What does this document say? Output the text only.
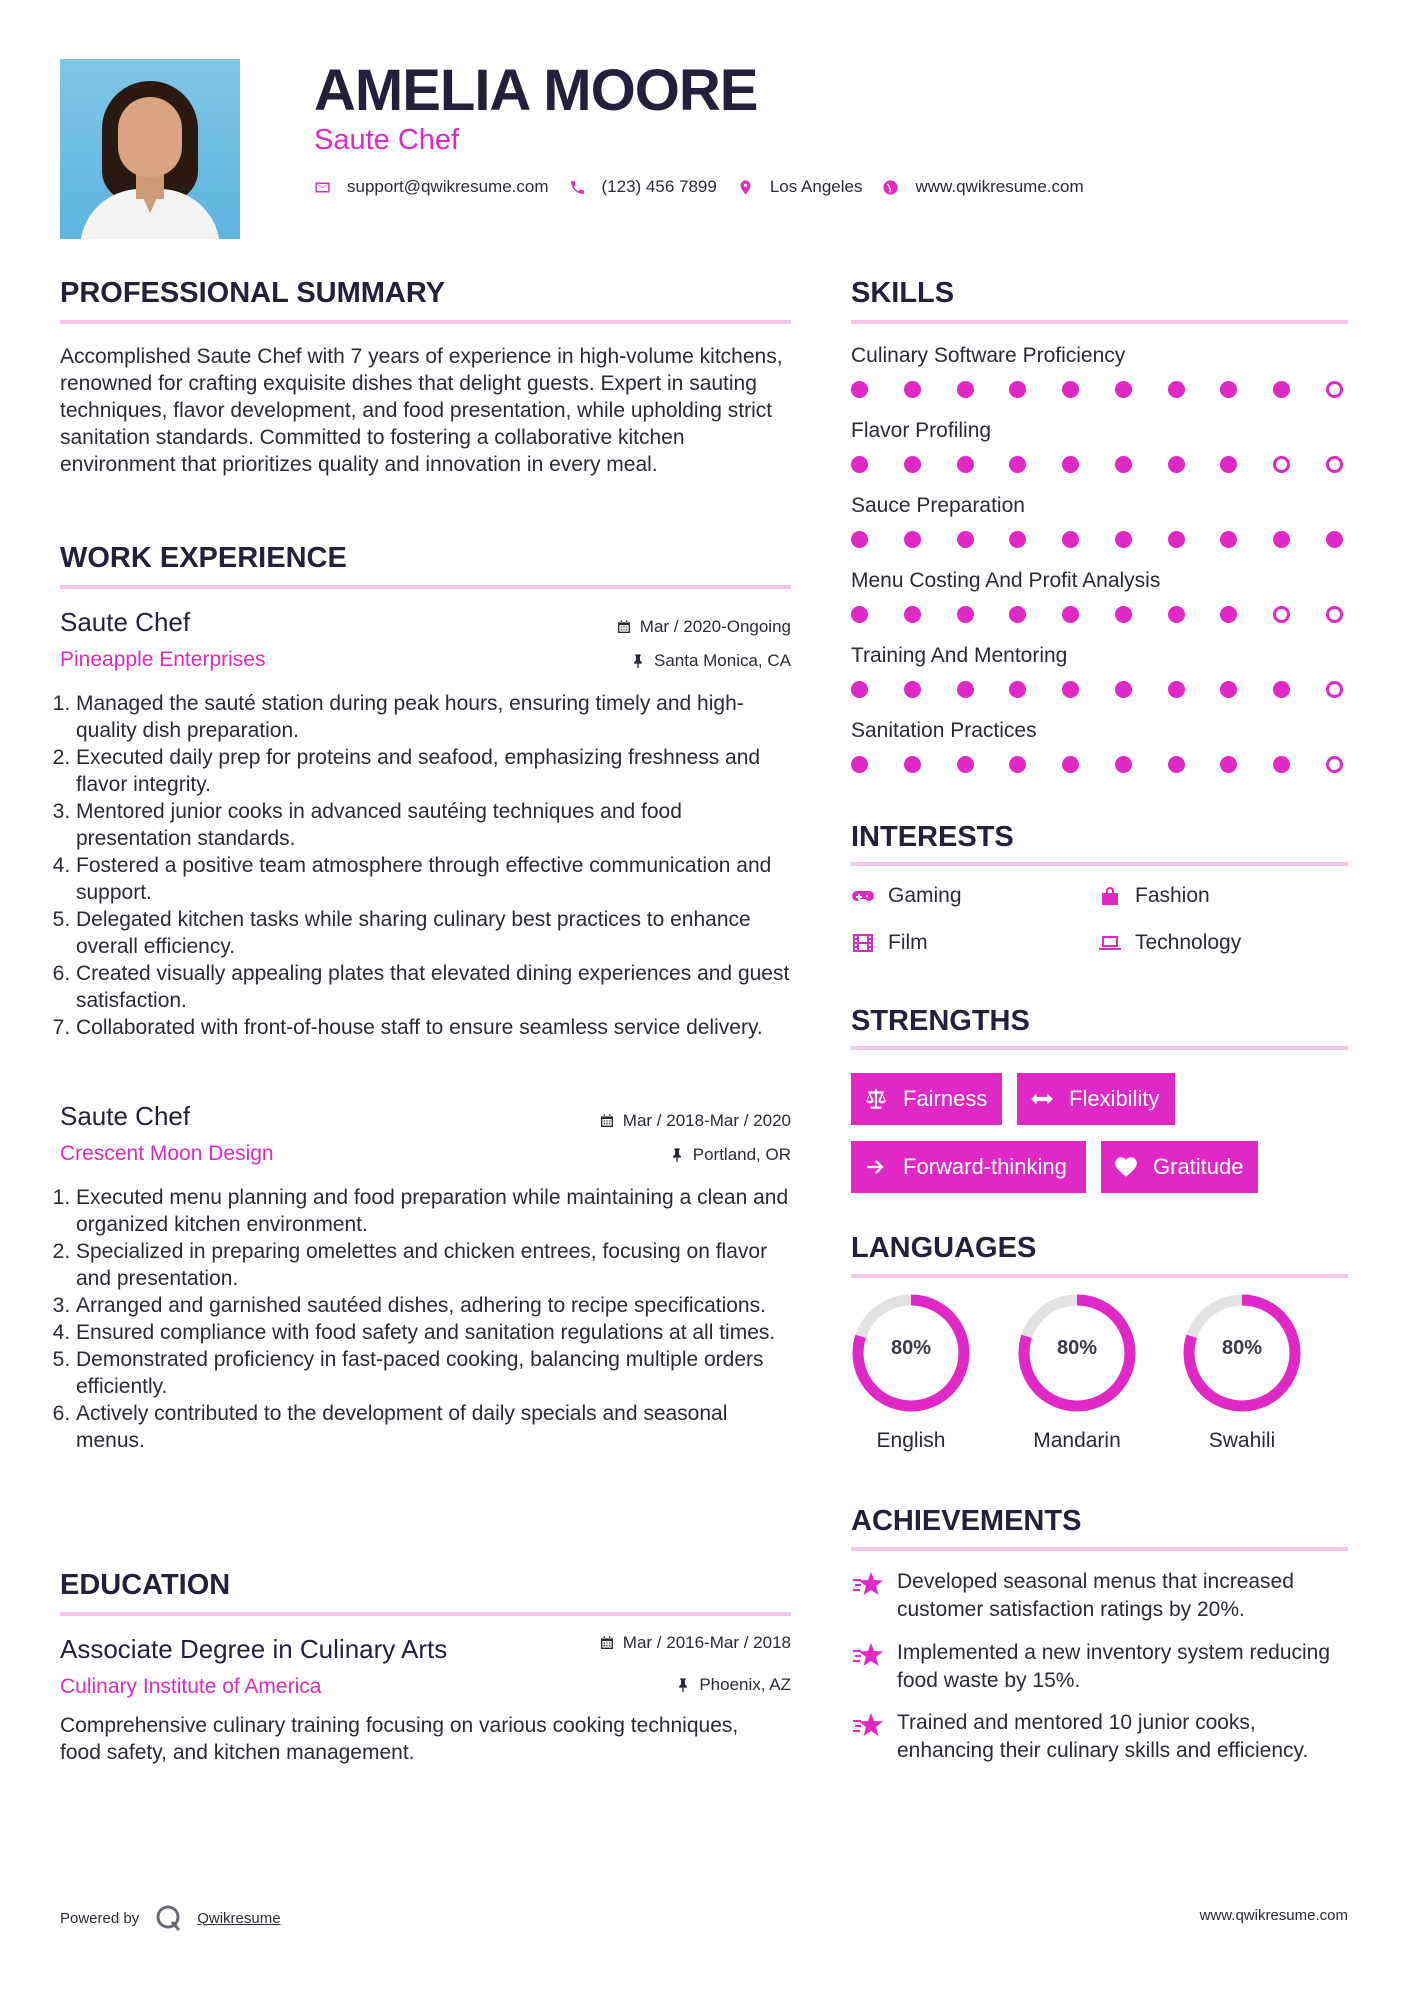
AMELIA MOORE
Saute Chef
support@qwikresume.com	(123) 456 7899	Los Angeles	www.qwikresume.com
PROFESSIONAL SUMMARY
Accomplished Saute Chef with 7 years of experience in high-volume kitchens, renowned for crafting exquisite dishes that delight guests. Expert in sauting techniques, flavor development, and food presentation, while upholding strict sanitation standards. Committed to fostering a collaborative kitchen environment that prioritizes quality and innovation in every meal.
WORK EXPERIENCE
Saute Chef	Mar / 2020-Ongoing
Pineapple Enterprises	Santa Monica, CA
1. Managed the sauté station during peak hours, ensuring timely and high-quality dish preparation.
2. Executed daily prep for proteins and seafood, emphasizing freshness and flavor integrity.
3. Mentored junior cooks in advanced sautéing techniques and food presentation standards.
4. Fostered a positive team atmosphere through effective communication and support.
5. Delegated kitchen tasks while sharing culinary best practices to enhance overall efficiency.
6. Created visually appealing plates that elevated dining experiences and guest satisfaction.
7. Collaborated with front-of-house staff to ensure seamless service delivery.
Saute Chef	Mar / 2018-Mar / 2020
Crescent Moon Design	Portland, OR
1. Executed menu planning and food preparation while maintaining a clean and organized kitchen environment.
2. Specialized in preparing omelettes and chicken entrees, focusing on flavor and presentation.
3. Arranged and garnished sautéed dishes, adhering to recipe specifications.
4. Ensured compliance with food safety and sanitation regulations at all times.
5. Demonstrated proficiency in fast-paced cooking, balancing multiple orders efficiently.
6. Actively contributed to the development of daily specials and seasonal menus.
EDUCATION
Associate Degree in Culinary Arts	Mar / 2016-Mar / 2018
Culinary Institute of America	Phoenix, AZ
Comprehensive culinary training focusing on various cooking techniques, food safety, and kitchen management.
SKILLS
Culinary Software Proficiency
Flavor Profiling
Sauce Preparation
Menu Costing And Profit Analysis
Training And Mentoring
Sanitation Practices
INTERESTS
Gaming	Fashion
Film	Technology
STRENGTHS
Fairness	Flexibility
Forward-thinking	Gratitude
LANGUAGES
80%
English
80%
Mandarin
80%
Swahili
ACHIEVEMENTS
Developed seasonal menus that increased customer satisfaction ratings by 20%.
Implemented a new inventory system reducing food waste by 15%.
Trained and mentored 10 junior cooks, enhancing their culinary skills and efficiency.
Powered by	Qwikresume	www.qwikresume.com
